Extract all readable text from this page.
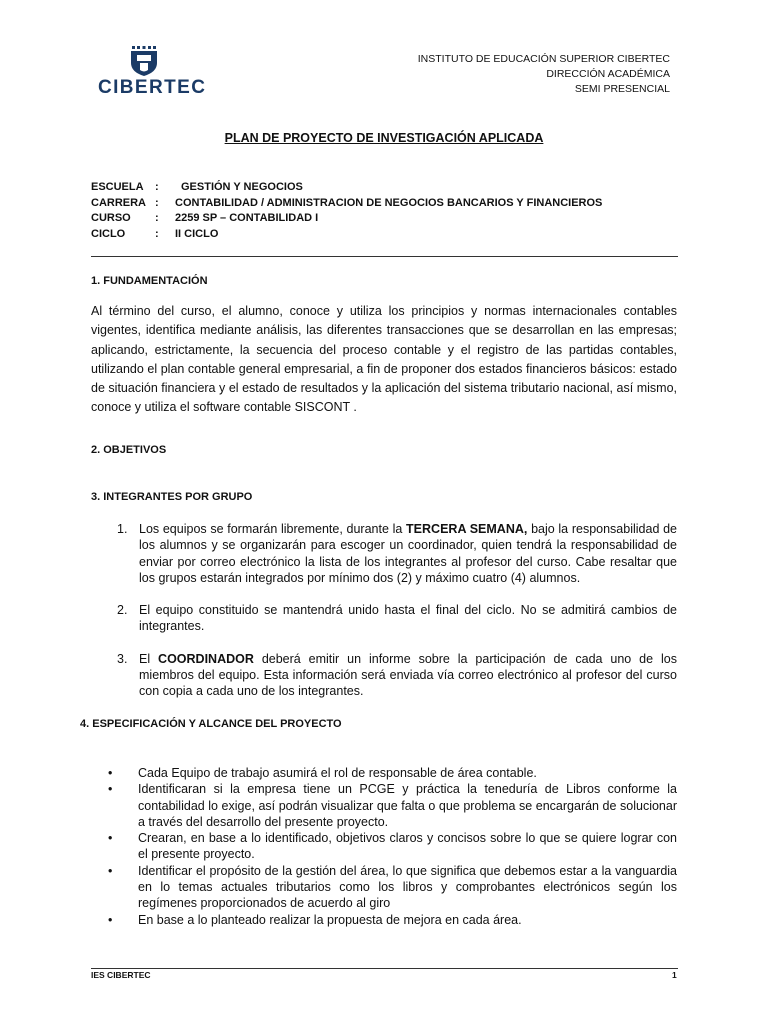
CIBERTEC
INSTITUTO DE EDUCACIÓN SUPERIOR CIBERTEC
DIRECCIÓN ACADÉMICA
SEMI PRESENCIAL
PLAN DE PROYECTO DE INVESTIGACIÓN APLICADA
ESCUELA	:	GESTIÓN Y NEGOCIOS
CARRERA :	CONTABILIDAD / ADMINISTRACION DE NEGOCIOS BANCARIOS Y FINANCIEROS
CURSO	:	2259 SP – CONTABILIDAD I
CICLO	:	II CICLO
1. FUNDAMENTACIÓN
Al término del curso, el alumno, conoce y utiliza los principios y normas internacionales contables vigentes, identifica mediante análisis, las diferentes transacciones que se desarrollan en las empresas; aplicando, estrictamente, la secuencia del proceso contable y el registro de las partidas contables, utilizando el plan contable general empresarial, a fin de proponer dos estados financieros básicos: estado de situación financiera y el estado de resultados y la aplicación del sistema tributario nacional, así mismo, conoce y utiliza el software contable SISCONT .
2. OBJETIVOS
3. INTEGRANTES POR GRUPO
1. Los equipos se formarán libremente, durante la TERCERA SEMANA, bajo la responsabilidad de los alumnos y se organizarán para escoger un coordinador, quien tendrá la responsabilidad de enviar por correo electrónico la lista de los integrantes al profesor del curso. Cabe resaltar que los grupos estarán integrados por mínimo dos (2) y máximo cuatro (4) alumnos.
2. El equipo constituido se mantendrá unido hasta el final del ciclo. No se admitirá cambios de integrantes.
3. El COORDINADOR deberá emitir un informe sobre la participación de cada uno de los miembros del equipo. Esta información será enviada vía correo electrónico al profesor del curso con copia a cada uno de los integrantes.
4. ESPECIFICACIÓN Y ALCANCE DEL PROYECTO
•	Cada Equipo de trabajo asumirá el rol de responsable de área contable.
•	Identificaran si la empresa tiene un PCGE y práctica la teneduría de Libros conforme la contabilidad lo exige, así podrán visualizar que falta o que problema se encargarán de solucionar a través del desarrollo del presente proyecto.
•	Crearan, en base a lo identificado, objetivos claros y concisos sobre lo que se quiere lograr con el presente proyecto.
•	Identificar el propósito de la gestión del área, lo que significa que debemos estar a la vanguardia en lo temas actuales tributarios como los libros y comprobantes electrónicos según los regímenes proporcionados de acuerdo al giro
•	En base a lo planteado realizar la propuesta de mejora en cada área.
IES CIBERTEC	1
